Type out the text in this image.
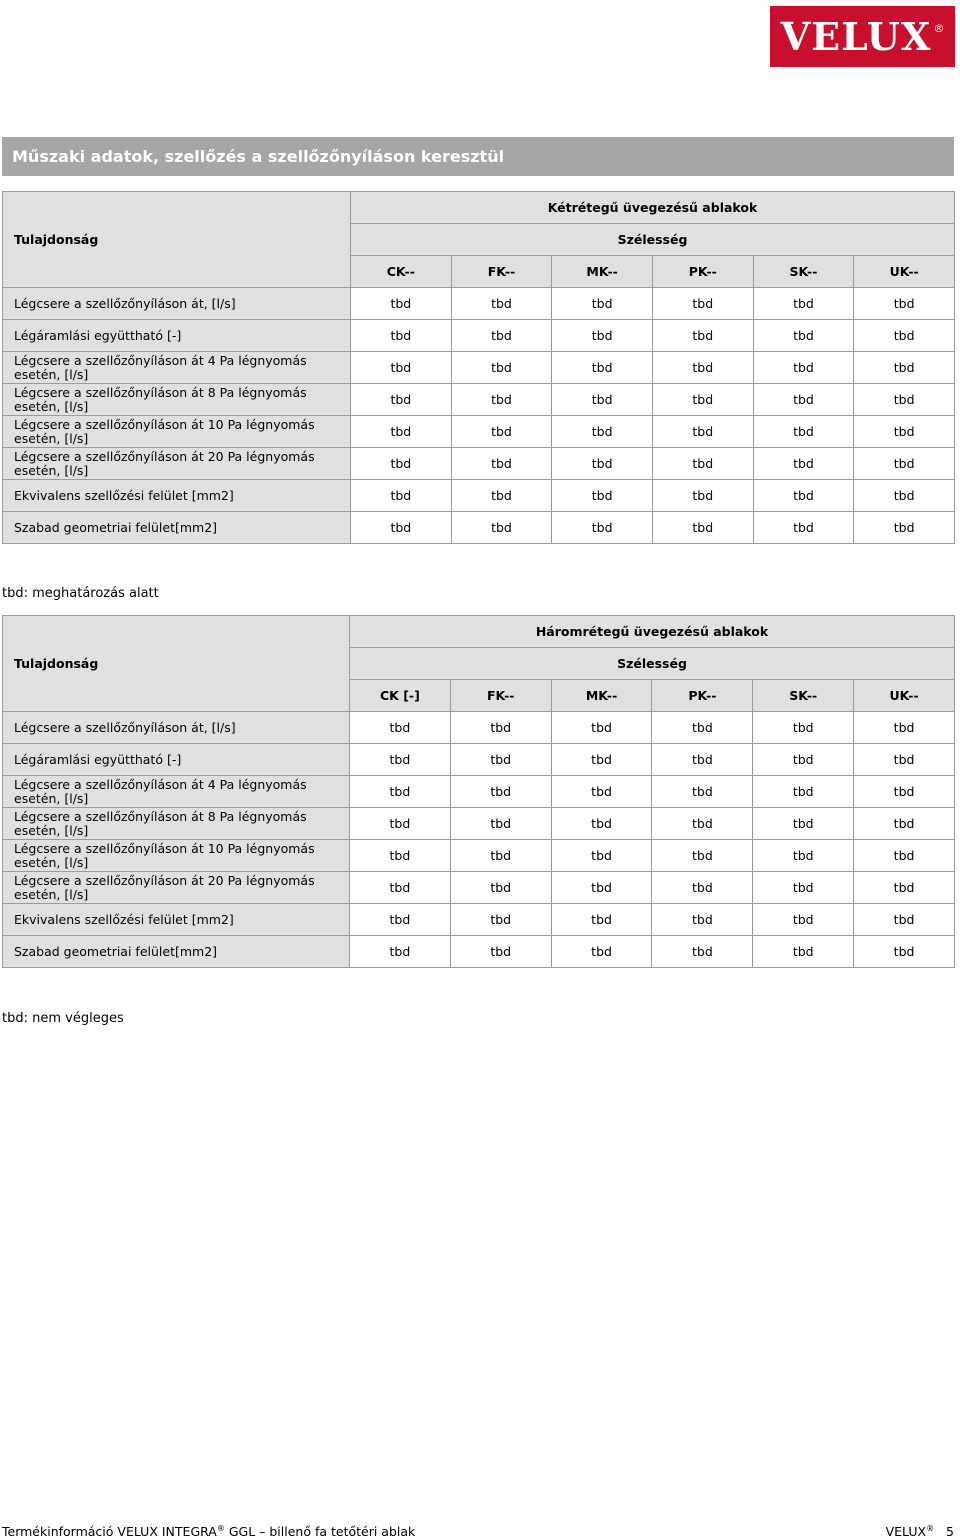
VELUX ®
Műszaki adatok, szellőzés a szellőzőnyíláson keresztül
Tulajdonság	Kétrétegű üvegezésű ablakok					
	Szélesség					
	CK--	FK--	MK--	PK--	SK--	UK--
Légcsere a szellőzőnyíláson át, [l/s]	tbd	tbd	tbd	tbd	tbd	tbd
Légáramlási együttható [-]	tbd	tbd	tbd	tbd	tbd	tbd
Légcsere a szellőzőnyíláson át 4 Pa légnyomás esetén, [l/s]	tbd	tbd	tbd	tbd	tbd	tbd
Légcsere a szellőzőnyíláson át 8 Pa légnyomás esetén, [l/s]	tbd	tbd	tbd	tbd	tbd	tbd
Légcsere a szellőzőnyíláson át 10 Pa légnyomás esetén, [l/s]	tbd	tbd	tbd	tbd	tbd	tbd
Légcsere a szellőzőnyíláson át 20 Pa légnyomás esetén, [l/s]	tbd	tbd	tbd	tbd	tbd	tbd
Ekvivalens szellőzési felület [mm2]	tbd	tbd	tbd	tbd	tbd	tbd
Szabad geometriai felület[mm2]	tbd	tbd	tbd	tbd	tbd	tbd
tbd: meghatározás alatt
Tulajdonság	Háromrétegű üvegezésű ablakok					
	Szélesség					
	CK [-]	FK--	MK--	PK--	SK--	UK--
Légcsere a szellőzőnyíláson át, [l/s]	tbd	tbd	tbd	tbd	tbd	tbd
Légáramlási együttható [-]	tbd	tbd	tbd	tbd	tbd	tbd
Légcsere a szellőzőnyíláson át 4 Pa légnyomás esetén, [l/s]	tbd	tbd	tbd	tbd	tbd	tbd
Légcsere a szellőzőnyíláson át 8 Pa légnyomás esetén, [l/s]	tbd	tbd	tbd	tbd	tbd	tbd
Légcsere a szellőzőnyíláson át 10 Pa légnyomás esetén, [l/s]	tbd	tbd	tbd	tbd	tbd	tbd
Légcsere a szellőzőnyíláson át 20 Pa légnyomás esetén, [l/s]	tbd	tbd	tbd	tbd	tbd	tbd
Ekvivalens szellőzési felület [mm2]	tbd	tbd	tbd	tbd	tbd	tbd
Szabad geometriai felület[mm2]	tbd	tbd	tbd	tbd	tbd	tbd
tbd: nem végleges
Termékinformáció VELUX INTEGRA® GGL – billenő fa tetőtéri ablak	VELUX® 5
